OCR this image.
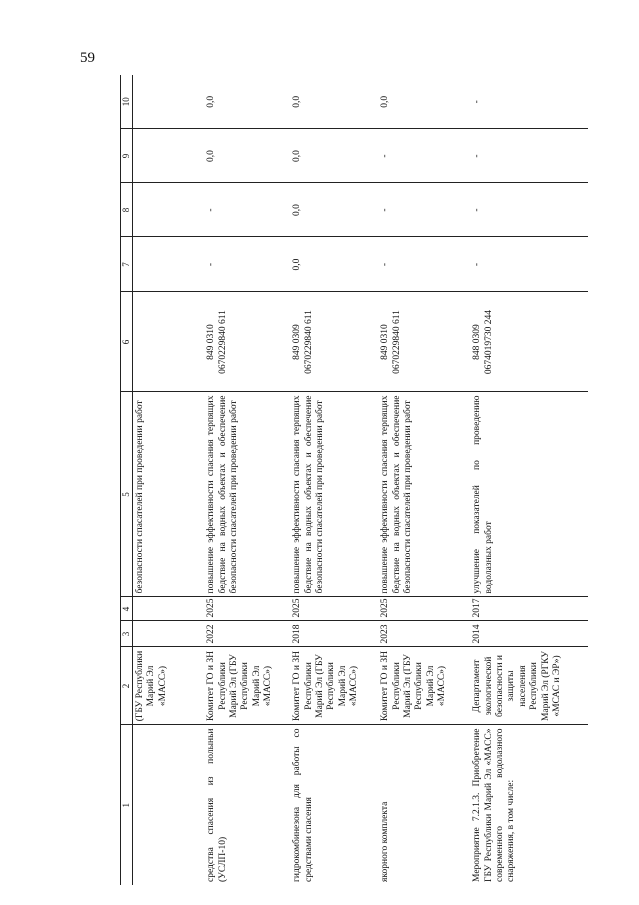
59
1	2	3	4	5	6	7	8	9	10
	(ГБУ Республики Марий Эл «МАСС»)			безопасности спасателей при проведении работ	

средства спасения из полыньи (УСЛП-10)	Комитет ГО и ЗН Республики Марий Эл (ГБУ Республики Марий Эл «МАСС»)	2022	2025	повышение эффективности спасания терпящих бедствие на водных объектах и обеспечение безопасности спасателей при проведении работ	849 0310 0670229840 611	-	-	0,0	0,0
гидрокомбинезона для работы со средствами спасения	Комитет ГО и ЗН Республики Марий Эл (ГБУ Республики Марий Эл «МАСС»)	2018	2025	повышение эффективности спасания терпящих бедствие на водных объектах и обеспечение безопасности спасателей при проведении работ	849 0309 0670229840 611	0,0	0,0	0,0	0,0
якорного комплекта	Комитет ГО и ЗН Республики Марий Эл (ГБУ Республики Марий Эл «МАСС»)	2023	2025	повышение эффективности спасания терпящих бедствие на водных объектах и обеспечение безопасности спасателей при проведении работ	849 0310 0670229840 611	-	-	-	0,0
Мероприятие 7.2.1.3. Приобретение ГБУ Республики Марий Эл «МАСС» современного водолазного снаряжения, в том числе:	Департамент экологической безопасности и защиты населения Республики Марий Эл (РГКУ «МСАС и ЭР»)	2014	2017	улучшение показателей по проведению водолазных работ	848 0309 0674019730 244	-	-	-	-
